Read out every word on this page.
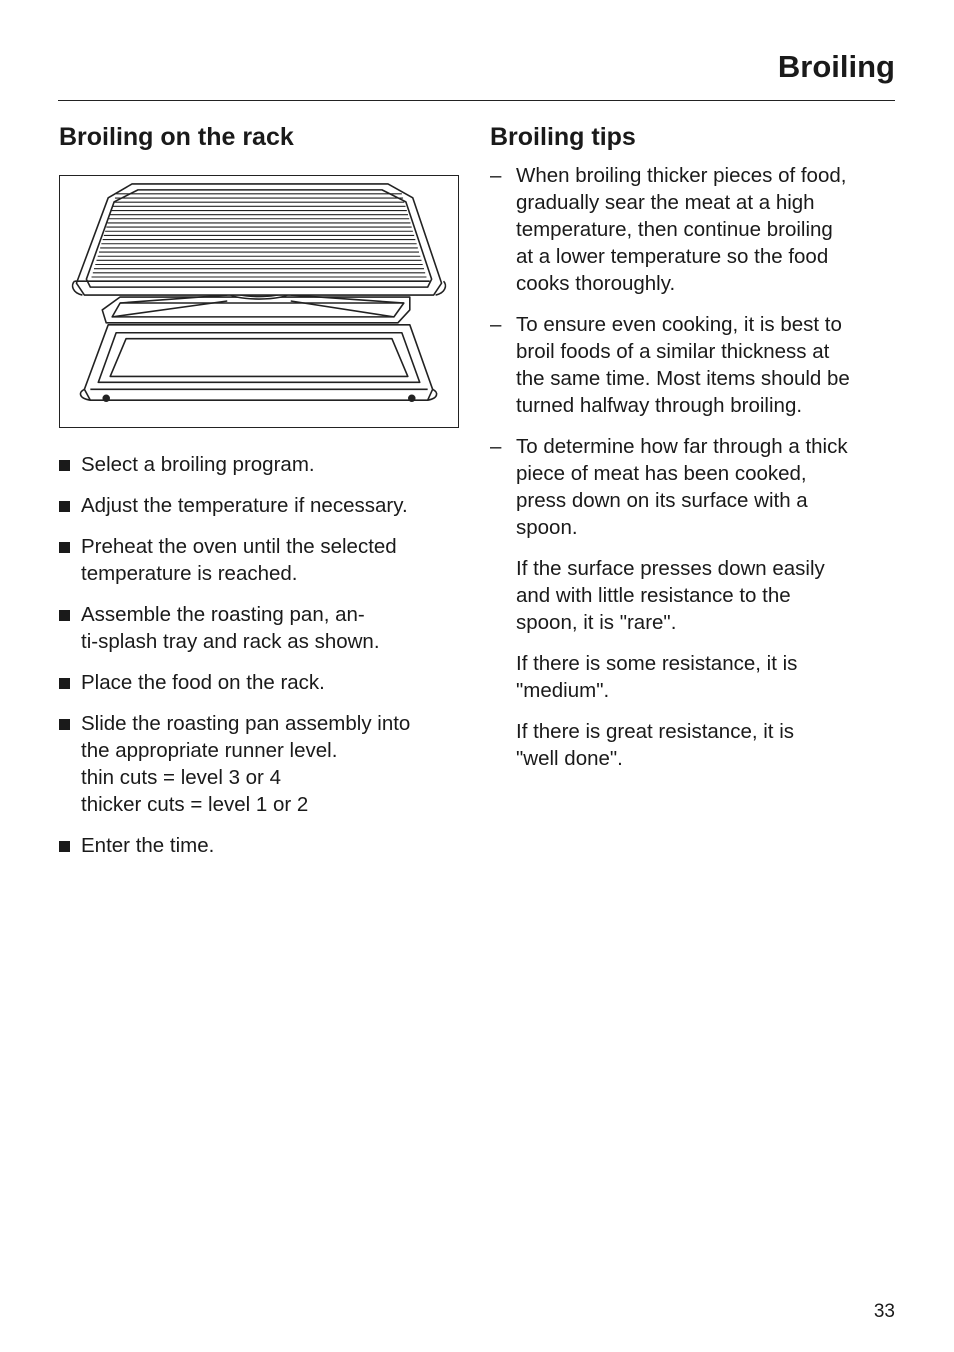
Broiling
Broiling on the rack
Select a broiling program.
Adjust the temperature if necessary.
Preheat the oven until the selected
temperature is reached.
Assemble the roasting pan, an-
ti-splash tray and rack as shown.
Place the food on the rack.
Slide the roasting pan assembly into
the appropriate runner level.
thin cuts = level 3 or 4
thicker cuts = level 1 or 2
Enter the time.
Broiling tips
– When broiling thicker pieces of food,
gradually sear the meat at a high
temperature, then continue broiling
at a lower temperature so the food
cooks thoroughly.
– To ensure even cooking, it is best to
broil foods of a similar thickness at
the same time. Most items should be
turned halfway through broiling.
– To determine how far through a thick
piece of meat has been cooked,
press down on its surface with a
spoon.

If the surface presses down easily
and with little resistance to the
spoon, it is "rare".

If there is some resistance, it is
"medium".

If there is great resistance, it is
"well done".

33
